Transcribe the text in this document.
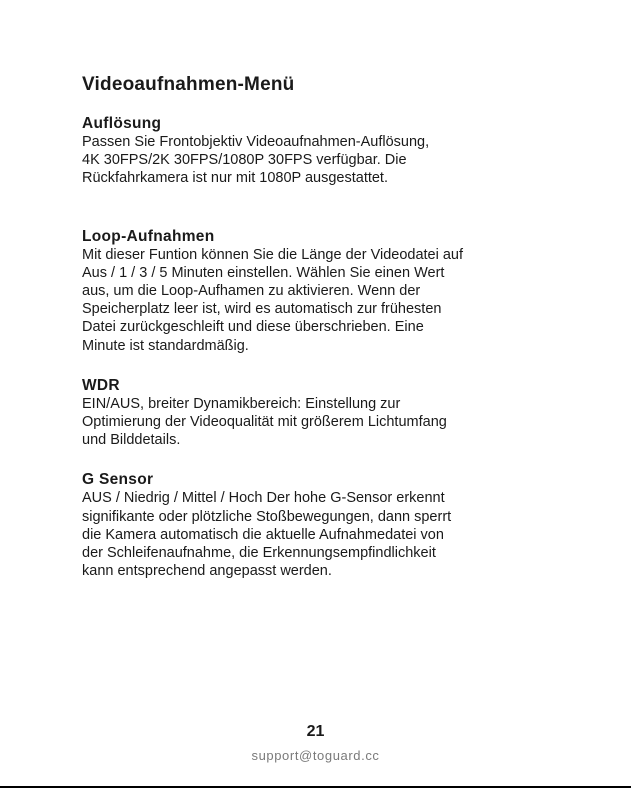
Videoaufnahmen-Menü
Auflösung

Passen Sie Frontobjektiv Videoaufnahmen-Auflösung,
4K 30FPS/2K 30FPS/1080P 30FPS verfügbar. Die
Rückfahrkamera ist nur mit 1080P ausgestattet.

Loop-Aufnahmen

Mit dieser Funtion können Sie die Länge der Videodatei auf
Aus / 1 / 3 / 5 Minuten einstellen. Wählen Sie einen Wert
aus, um die Loop-Aufhamen zu aktivieren. Wenn der
Speicherplatz leer ist, wird es automatisch zur frühesten
Datei zurückgeschleift und diese überschrieben. Eine
Minute ist standardmäßig.

WDR

EIN/AUS, breiter Dynamikbereich: Einstellung zur
Optimierung der Videoqualität mit größerem Lichtumfang
und Bilddetails.

G Sensor

AUS / Niedrig / Mittel / Hoch Der hohe G-Sensor erkennt
signifikante oder plötzliche Stoßbewegungen, dann sperrt
die Kamera automatisch die aktuelle Aufnahmedatei von
der Schleifenaufnahme, die Erkennungsempfindlichkeit
kann entsprechend angepasst werden.

21
support@toguard.cc
